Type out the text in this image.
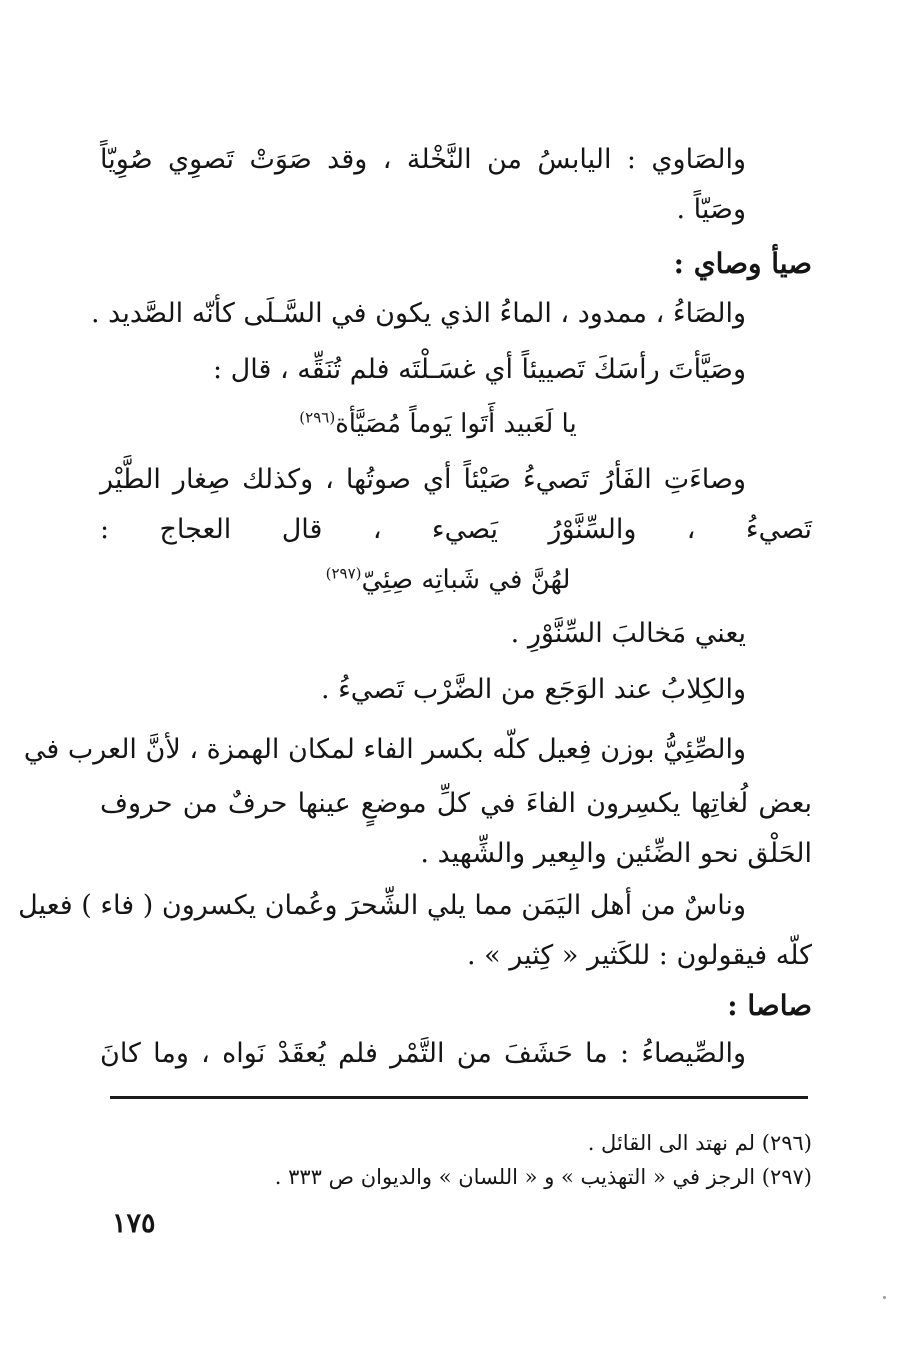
والصَاوي : اليابسُ من النَّخْلة ، وقد صَوَتْ تَصوِي صُوِيّاً
وصَيّاً .
صيأ وصاي :
والصَاءُ ، ممدود ، الماءُ الذي يكون في السَّـلَى كأنّه الصَّديد .
وصَيَّأتَ رأسَكَ تَصييئاً أي غسَـلْتَه فلم تُنَقِّه ، قال :
يا لَعَبيد أَتَوا يَوماً مُصَيَّأة$^{(٢٩٦)}$
وصاءَتِ الفَأرُ تَصيءُ صَيْئاً أي صوتُها ، وكذلك صِغار الطَّيْر
تَصيءُ ، والسِّنَّوْرُ يَصيء ، قال العجاج :
لهُنَّ في شَباتِه صِئِيّ$^{(٢٩٧)}$
يعني مَخالبَ السِّنَّوْرِ .
والكِلابُ عند الوَجَع من الضَّرْب تَصيءُ .
والصِّئِيُّ بوزن فِعيل كلّه بكسر الفاء لمكان الهمزة ، لأنَّ العرب في
بعض لُغاتِها يكسِرون الفاءَ في كلِّ موضعٍ عينها حرفٌ من حروف
الحَلْق نحو الضِّئين والبِعير والشِّهيد .
وناسٌ من أهل اليَمَن مما يلي الشِّحرَ وعُمان يكسرون ( فاء ) فعيل
كلّه فيقولون : للكَثير « كِثير » .
صاصا :
والصِّيصاءُ : ما حَشَفَ من التَّمْر فلم يُعقَدْ نَواه ، وما كانَ
(٢٩٦) لم نهتد الى القائل .
(٢٩٧) الرجز في « التهذيب » و « اللسان » والديوان ص ٣٣٣ .
١٧٥
